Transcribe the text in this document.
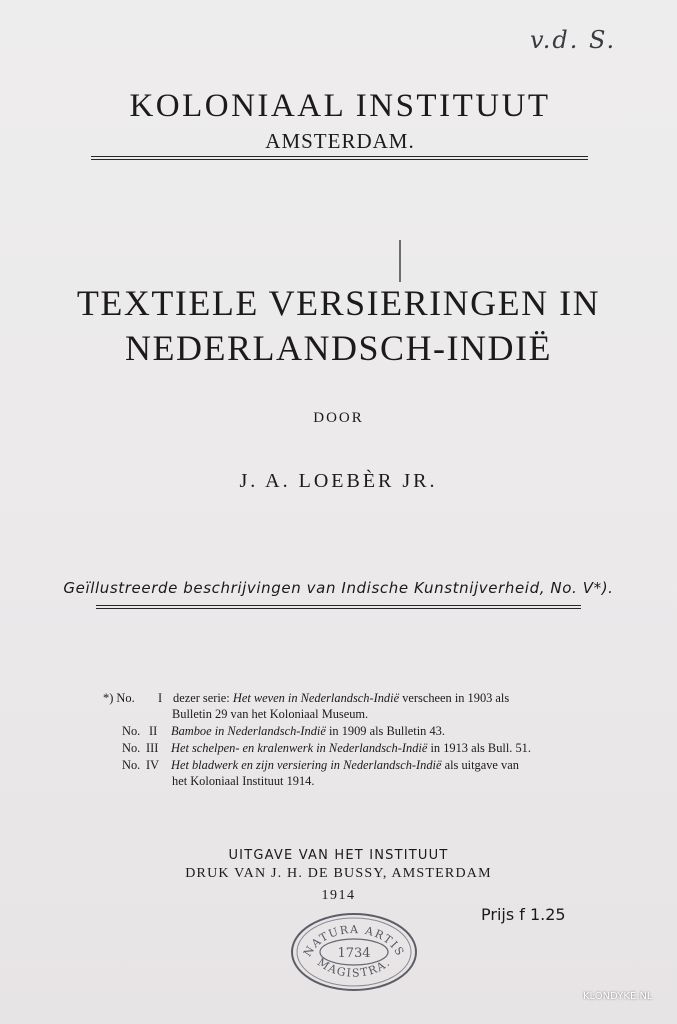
v.d. S.
KOLONIAAL INSTITUUT
AMSTERDAM.
TEXTIELE VERSIERINGEN IN
NEDERLANDSCH-INDIË
DOOR
J. A. LOEBÈR JR.
Geïllustreerde beschrijvingen van Indische Kunstnijverheid, No. V*).
*) No. I dezer serie: Het weven in Nederlandsch-Indië verscheen in 1903 als
Bulletin 29 van het Koloniaal Museum.
No. II Bamboe in Nederlandsch-Indië in 1909 als Bulletin 43.
No. III Het schelpen- en kralenwerk in Nederlandsch-Indië in 1913 als Bull. 51.
No. IV Het bladwerk en zijn versiering in Nederlandsch-Indië als uitgave van
het Koloniaal Instituut 1914.
UITGAVE VAN HET INSTITUUT
DRUK VAN J. H. DE BUSSY, AMSTERDAM
1914
Prijs f 1.25
NATURA ARTIS
MAGISTRA.
1734
KLONDYKE.NL
